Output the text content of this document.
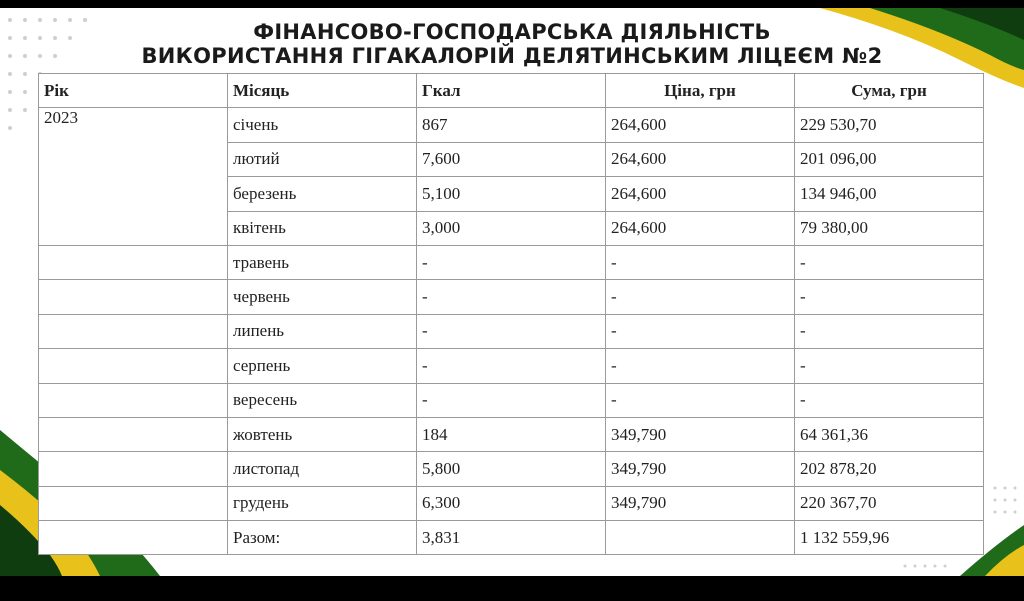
ФІНАНСОВО-ГОСПОДАРСЬКА ДІЯЛЬНІСТЬ
ВИКОРИСТАННЯ ГІГАКАЛОРІЙ ДЕЛЯТИНСЬКИМ ЛІЦЕЄМ №2
Рік	Місяць	Гкал	Ціна, грн	Сума, грн
2023	січень	867	264,600	229 530,70
	лютий	7,600	264,600	201 096,00
	березень	5,100	264,600	134 946,00
	квітень	3,000	264,600	79 380,00
	травень	-	-	-
	червень	-	-	-
	липень	-	-	-
	серпень	-	-	-
	вересень	-	-	-
	жовтень	184	349,790	64 361,36
	листопад	5,800	349,790	202 878,20
	грудень	6,300	349,790	220 367,70
	Разом:	3,831		1 132 559,96
